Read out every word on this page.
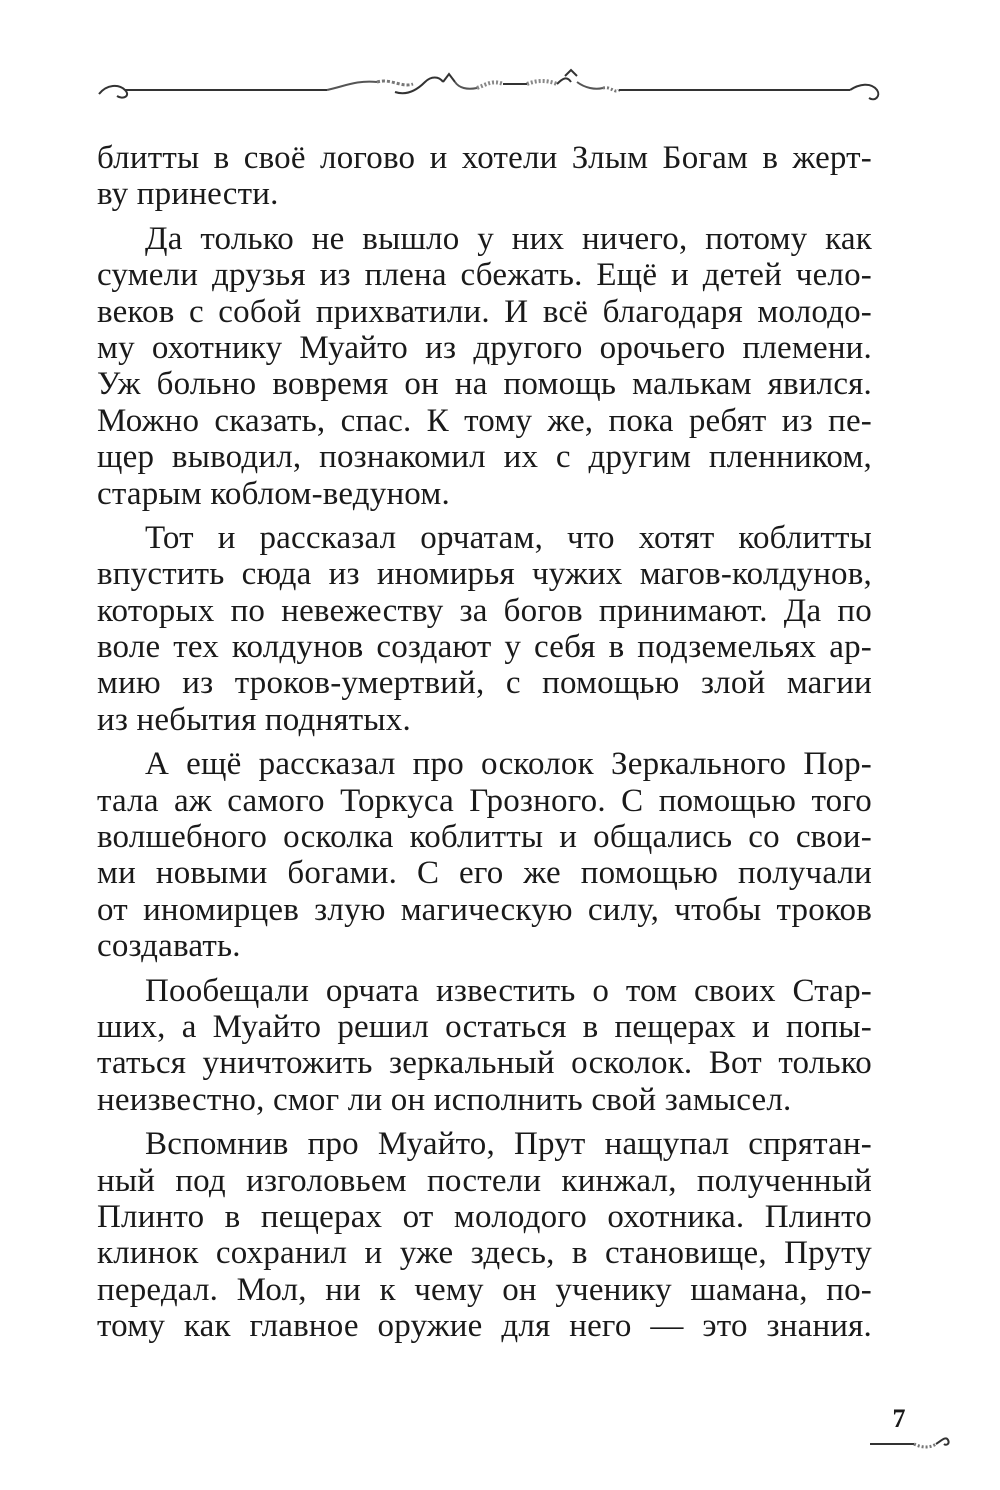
блитты в своё логово и хотели Злым Богам в жерт-
ву принести.
Да только не вышло у них ничего, потому как
сумели друзья из плена сбежать. Ещё и детей чело-
веков с собой прихватили. И всё благодаря молодо-
му охотнику Муайто из другого орочьего племени.
Уж больно вовремя он на помощь малькам явился.
Можно сказать, спас. К тому же, пока ребят из пе-
щер выводил, познакомил их с другим пленником,
старым коблом-ведуном.
Тот и рассказал орчатам, что хотят коблитты
впустить сюда из иномирья чужих магов-колдунов,
которых по невежеству за богов принимают. Да по
воле тех колдунов создают у себя в подземельях ар-
мию из троков-умертвий, с помощью злой магии
из небытия поднятых.
А ещё рассказал про осколок Зеркального Пор-
тала аж самого Торкуса Грозного. С помощью того
волшебного осколка коблитты и общались со свои-
ми новыми богами. С его же помощью получали
от иномирцев злую магическую силу, чтобы троков
создавать.
Пообещали орчата известить о том своих Стар-
ших, а Муайто решил остаться в пещерах и попы-
таться уничтожить зеркальный осколок. Вот только
неизвестно, смог ли он исполнить свой замысел.
Вспомнив про Муайто, Прут нащупал спрятан-
ный под изголовьем постели кинжал, полученный
Плинто в пещерах от молодого охотника. Плинто
клинок сохранил и уже здесь, в становище, Пруту
передал. Мол, ни к чему он ученику шамана, по-
тому как главное оружие для него — это знания.
7
